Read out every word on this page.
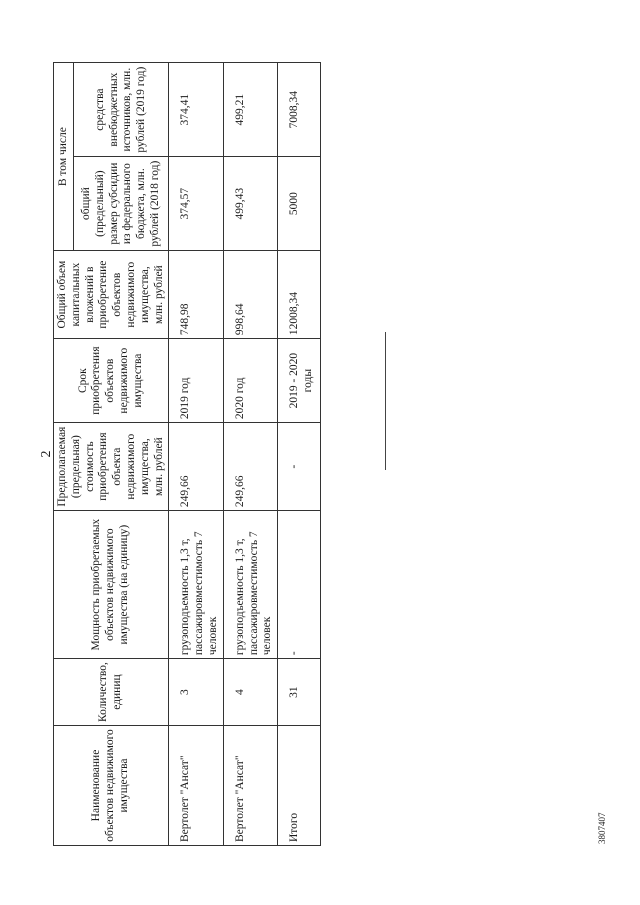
2
Наименование объектов недвижимого имущества	Количество, единиц	Мощность приобретаемых объектов недвижимого имущества (на единицу)	Предполагаемая (предельная) стоимость приобретения объекта недвижимого имущества, млн. рублей	Срок приобретения объектов недвижимого имущества	Общий объем капитальных вложений в приобретение объектов недвижимого имущества, млн. рублей	В том числе	
						общий (предельный) размер субсидии из федерального бюджета, млн. рублей (2018 год)	средства внебюджетных источников, млн. рублей (2019 год)
Вертолет "Ансат"	3	грузоподъемность 1,3 т, пассажировместимость 7 человек	249,66	2019 год	748,98	374,57	374,41
Вертолет "Ансат"	4	грузоподъемность 1,3 т, пассажировместимость 7 человек	249,66	2020 год	998,64	499,43	499,21
Итого	31	-	-	2019 - 2020 годы	12008,34	5000	7008,34
3807407
